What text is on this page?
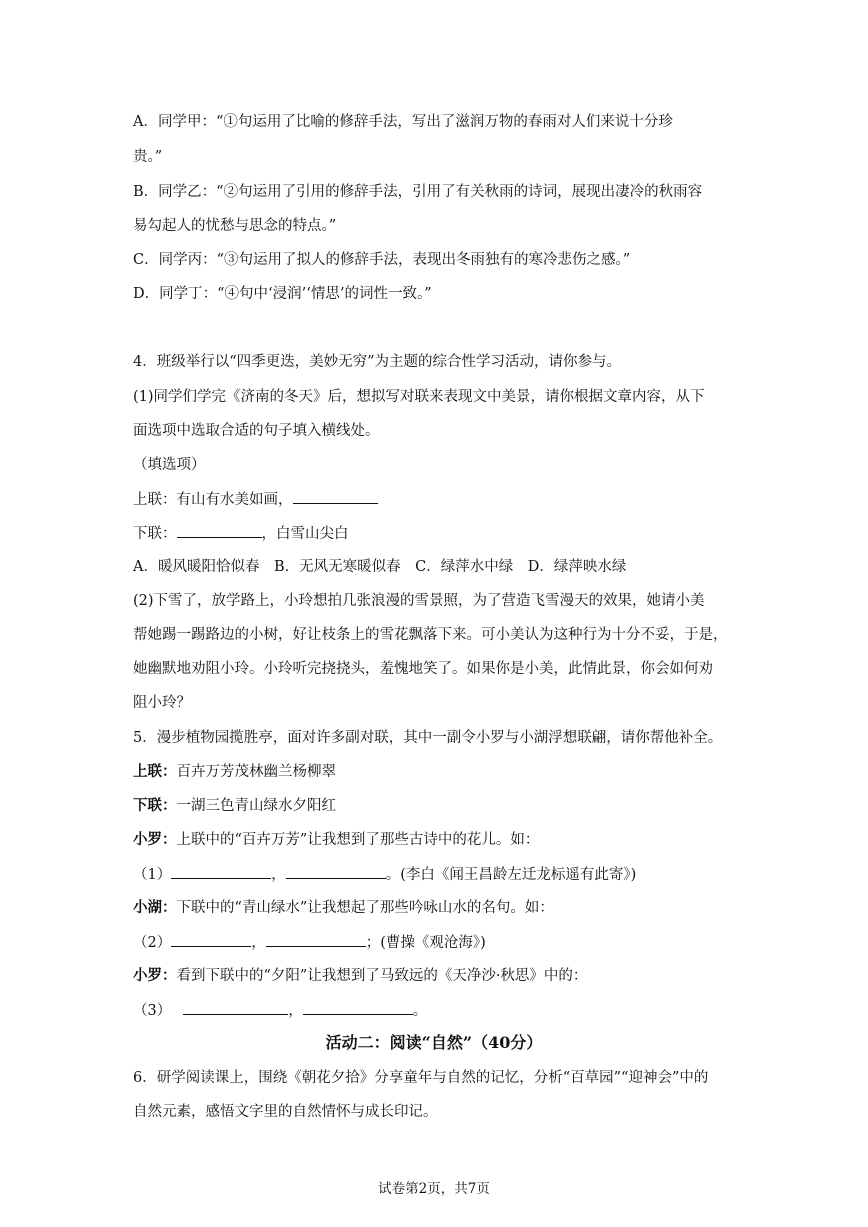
A．同学甲：“①句运用了比喻的修辞手法，写出了滋润万物的春雨对人们来说十分珍
贵。”
B．同学乙：“②句运用了引用的修辞手法，引用了有关秋雨的诗词，展现出凄冷的秋雨容
易勾起人的忧愁与思念的特点。”
C．同学丙：“③句运用了拟人的修辞手法，表现出冬雨独有的寒冷悲伤之感。”
D．同学丁：“④句中‘浸润’‘情思’的词性一致。”
4．班级举行以“四季更迭，美妙无穷”为主题的综合性学习活动，请你参与。
(1)同学们学完《济南的冬天》后，想拟写对联来表现文中美景，请你根据文章内容，从下
面选项中选取合适的句子填入横线处。
（填选项）
上联：有山有水美如画，
下联：	，白雪山尖白
A．暖风暖阳恰似春　B．无风无寒暖似春　C．绿萍水中绿　D．绿萍映水绿
(2)下雪了，放学路上，小玲想拍几张浪漫的雪景照，为了营造飞雪漫天的效果，她请小美
帮她踢一踢路边的小树，好让枝条上的雪花飘落下来。可小美认为这种行为十分不妥，于是，
她幽默地劝阻小玲。小玲听完挠挠头，羞愧地笑了。如果你是小美，此情此景，你会如何劝
阻小玲？
5．漫步植物园揽胜亭，面对许多副对联，其中一副令小罗与小湖浮想联翩，请你帮他补全。
上联：百卉万芳茂林幽兰杨柳翠
下联：一湖三色青山绿水夕阳红
小罗：上联中的“百卉万芳”让我想到了那些古诗中的花儿。如：
（1）	，	。(李白《闻王昌龄左迁龙标遥有此寄》)
小湖：下联中的“青山绿水”让我想起了那些吟咏山水的名句。如：
（2）	，	；(曹操《观沧海》)
小罗：看到下联中的“夕阳”让我想到了马致远的《天净沙·秋思》中的：
（3）	，	。
活动二：阅读“自然”（40分）
6．研学阅读课上，围绕《朝花夕拾》分享童年与自然的记忆，分析“百草园”“迎神会”中的
自然元素，感悟文字里的自然情怀与成长印记。
试卷第2页，共7页
